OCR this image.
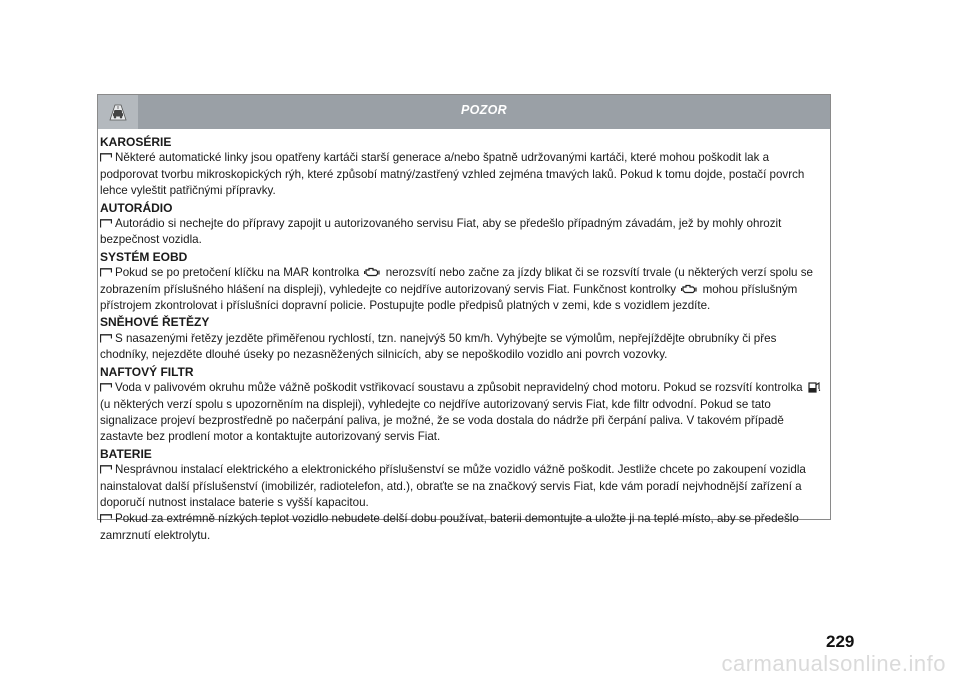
POZOR
KAROSÉRIE

Některé automatické linky jsou opatřeny kartáči starší generace a/nebo špatně udržovanými kartáči, které mohou poškodit lak a podporovat tvorbu mikroskopických rýh, které způsobí matný/zastřený vzhled zejména tmavých laků. Pokud k tomu dojde, postačí povrch lehce vyleštit patřičnými přípravky.

AUTORÁDIO

Autorádio si nechejte do přípravy zapojit u autorizovaného servisu Fiat, aby se předešlo případným závadám, jež by mohly ohrozit bezpečnost vozidla.

SYSTÉM EOBD

Pokud se po pretočení klíčku na MAR kontrolka nerozsvítí nebo začne za jízdy blikat či se rozsvítí trvale (u některých verzí spolu se zobrazením příslušného hlášení na displeji), vyhledejte co nejdříve autorizovaný servis Fiat. Funkčnost kontrolky mohou příslušným přístrojem zkontrolovat i příslušníci dopravní policie. Postupujte podle předpisů platných v zemi, kde s vozidlem jezdíte.

SNĚHOVÉ ŘETĚZY

S nasazenými řetězy jezděte přiměřenou rychlostí, tzn. nanejvýš 50 km/h. Vyhýbejte se výmolům, nepřejíždějte obrubníky či přes chodníky, nejezděte dlouhé úseky po nezasněžených silnicích, aby se nepoškodilo vozidlo ani povrch vozovky.

NAFTOVÝ FILTR

Voda v palivovém okruhu může vážně poškodit vstřikovací soustavu a způsobit nepravidelný chod motoru. Pokud se rozsvítí kontrolka  (u některých verzí spolu s upozorněním na displeji), vyhledejte co nejdříve autorizovaný servis Fiat, kde filtr odvodní. Pokud se tato signalizace projeví bezprostředně po načerpání paliva, je možné, že se voda dostala do nádrže při čerpání paliva. V takovém případě zastavte bez prodlení motor a kontaktujte autorizovaný servis Fiat.

BATERIE

Nesprávnou instalací elektrického a elektronického příslušenství se může vozidlo vážně poškodit. Jestliže chcete po zakoupení vozidla nainstalovat další příslušenství (imobilizér, radiotelefon, atd.), obraťte se na značkový servis Fiat, kde vám poradí nejvhodnější zařízení a doporučí nutnost instalace baterie s vyšší kapacitou.

Pokud za extrémně nízkých teplot vozidlo nebudete delší dobu používat, baterii demontujte a uložte ji na teplé místo, aby se předešlo zamrznutí elektrolytu.

229
carmanualsonline.info
